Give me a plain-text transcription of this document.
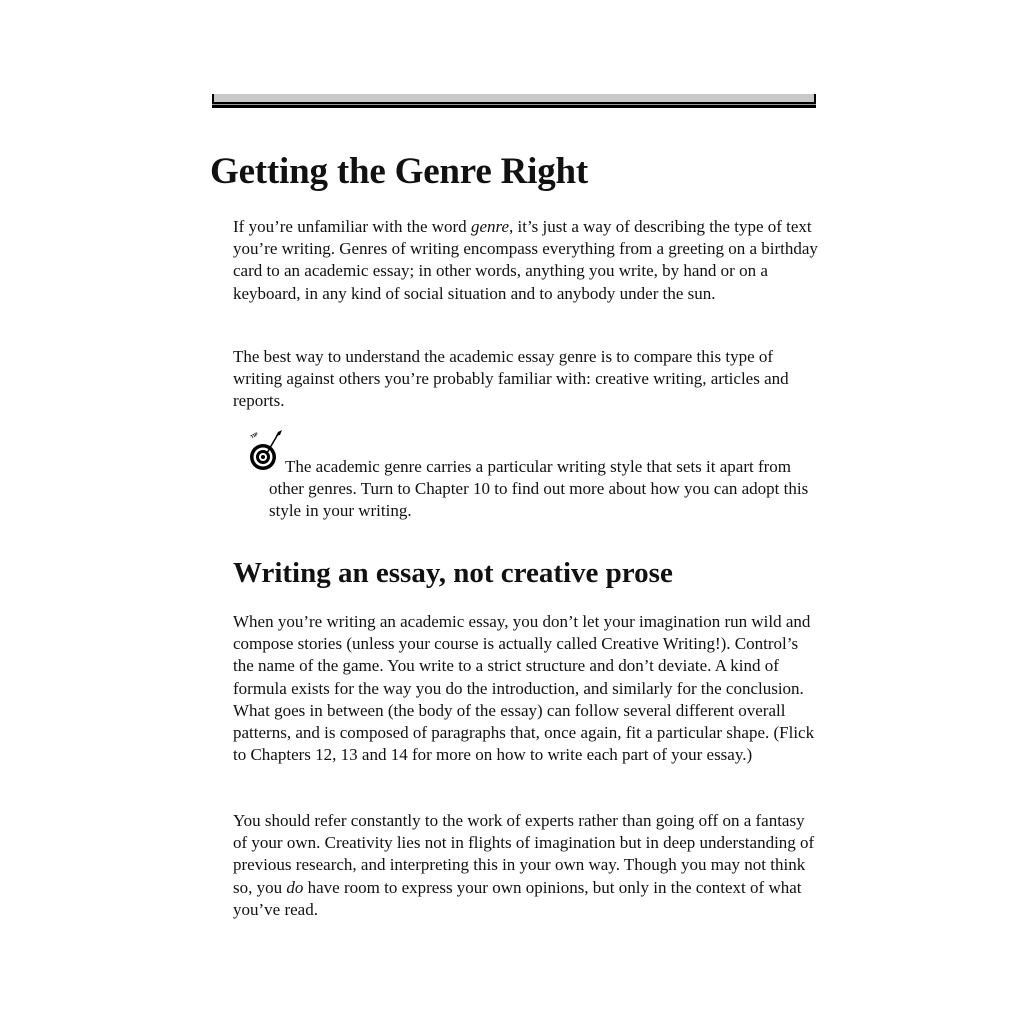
Getting the Genre Right

If you’re unfamiliar with the word genre, it’s just a way of describing the type of text you’re writing. Genres of writing encompass everything from a greeting on a birthday card to an academic essay; in other words, anything you write, by hand or on a keyboard, in any kind of social situation and to anybody under the sun.

The best way to understand the academic essay genre is to compare this type of writing against others you’re probably familiar with: creative writing, articles and reports.

TIP

The academic genre carries a particular writing style that sets it apart from other genres. Turn to Chapter 10 to find out more about how you can adopt this style in your writing.

Writing an essay, not creative prose

When you’re writing an academic essay, you don’t let your imagination run wild and compose stories (unless your course is actually called Creative Writing!). Control’s the name of the game. You write to a strict structure and don’t deviate. A kind of formula exists for the way you do the introduction, and similarly for the conclusion. What goes in between (the body of the essay) can follow several different overall patterns, and is composed of paragraphs that, once again, fit a particular shape. (Flick to Chapters 12, 13 and 14 for more on how to write each part of your essay.)

You should refer constantly to the work of experts rather than going off on a fantasy of your own. Creativity lies not in flights of imagination but in deep understanding of previous research, and interpreting this in your own way. Though you may not think so, you do have room to express your own opinions, but only in the context of what you’ve read.
